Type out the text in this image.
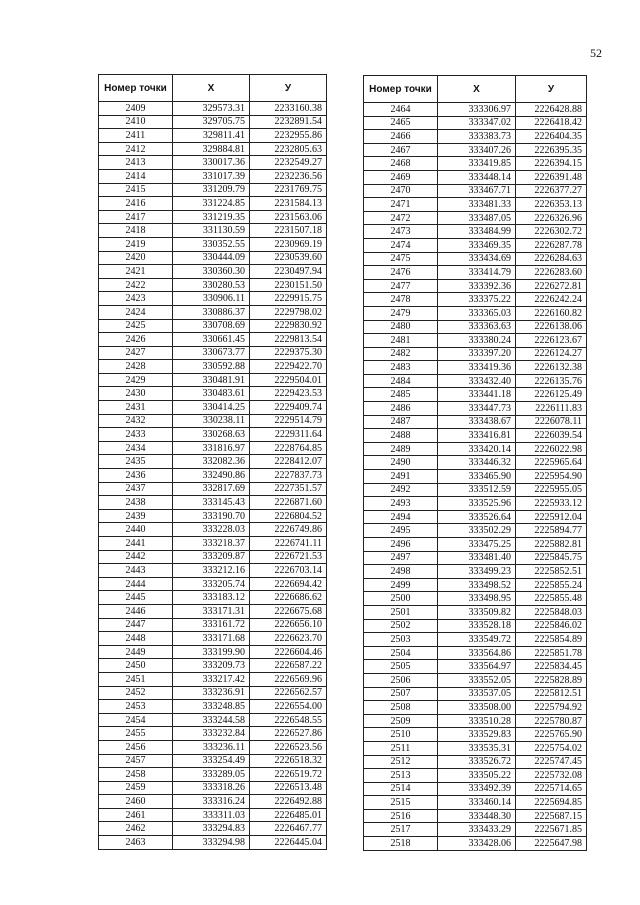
52
Номер точки	X	У
2409	329573.31	2233160.38
2410	329705.75	2232891.54
2411	329811.41	2232955.86
2412	329884.81	2232805.63
2413	330017.36	2232549.27
2414	331017.39	2232236.56
2415	331209.79	2231769.75
2416	331224.85	2231584.13
2417	331219.35	2231563.06
2418	331130.59	2231507.18
2419	330352.55	2230969.19
2420	330444.09	2230539.60
2421	330360.30	2230497.94
2422	330280.53	2230151.50
2423	330906.11	2229915.75
2424	330886.37	2229798.02
2425	330708.69	2229830.92
2426	330661.45	2229813.54
2427	330673.77	2229375.30
2428	330592.88	2229422.70
2429	330481.91	2229504.01
2430	330483.61	2229423.53
2431	330414.25	2229409.74
2432	330238.11	2229514.79
2433	330268.63	2229311.64
2434	331816.97	2228764.85
2435	332082.36	2228412.07
2436	332490.86	2227837.73
2437	332817.69	2227351.57
2438	333145.43	2226871.60
2439	333190.70	2226804.52
2440	333228.03	2226749.86
2441	333218.37	2226741.11
2442	333209.87	2226721.53
2443	333212.16	2226703.14
2444	333205.74	2226694.42
2445	333183.12	2226686.62
2446	333171.31	2226675.68
2447	333161.72	2226656.10
2448	333171.68	2226623.70
2449	333199.90	2226604.46
2450	333209.73	2226587.22
2451	333217.42	2226569.96
2452	333236.91	2226562.57
2453	333248.85	2226554.00
2454	333244.58	2226548.55
2455	333232.84	2226527.86
2456	333236.11	2226523.56
2457	333254.49	2226518.32
2458	333289.05	2226519.72
2459	333318.26	2226513.48
2460	333316.24	2226492.88
2461	333311.03	2226485.01
2462	333294.83	2226467.77
2463	333294.98	2226445.04
Номер точки	X	У
2464	333306.97	2226428.88
2465	333347.02	2226418.42
2466	333383.73	2226404.35
2467	333407.26	2226395.35
2468	333419.85	2226394.15
2469	333448.14	2226391.48
2470	333467.71	2226377.27
2471	333481.33	2226353.13
2472	333487.05	2226326.96
2473	333484.99	2226302.72
2474	333469.35	2226287.78
2475	333434.69	2226284.63
2476	333414.79	2226283.60
2477	333392.36	2226272.81
2478	333375.22	2226242.24
2479	333365.03	2226160.82
2480	333363.63	2226138.06
2481	333380.24	2226123.67
2482	333397.20	2226124.27
2483	333419.36	2226132.38
2484	333432.40	2226135.76
2485	333441.18	2226125.49
2486	333447.73	2226111.83
2487	333438.67	2226078.11
2488	333416.81	2226039.54
2489	333420.14	2226022.98
2490	333446.32	2225965.64
2491	333465.90	2225954.90
2492	333512.59	2225955.05
2493	333525.96	2225933.12
2494	333526.64	2225912.04
2495	333502.29	2225894.77
2496	333475.25	2225882.81
2497	333481.40	2225845.75
2498	333499.23	2225852.51
2499	333498.52	2225855.24
2500	333498.95	2225855.48
2501	333509.82	2225848.03
2502	333528.18	2225846.02
2503	333549.72	2225854.89
2504	333564.86	2225851.78
2505	333564.97	2225834.45
2506	333552.05	2225828.89
2507	333537.05	2225812.51
2508	333508.00	2225794.92
2509	333510.28	2225780.87
2510	333529.83	2225765.90
2511	333535.31	2225754.02
2512	333526.72	2225747.45
2513	333505.22	2225732.08
2514	333492.39	2225714.65
2515	333460.14	2225694.85
2516	333448.30	2225687.15
2517	333433.29	2225671.85
2518	333428.06	2225647.98
